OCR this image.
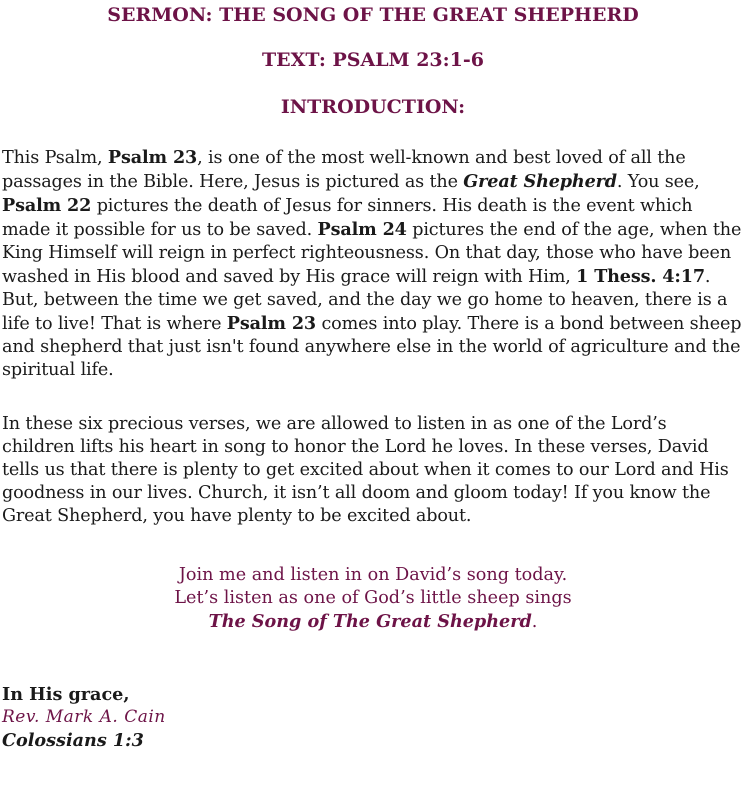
SERMON: THE SONG OF THE GREAT SHEPHERD
TEXT: PSALM 23:1-6
INTRODUCTION:

This Psalm, Psalm 23, is one of the most well-known and best loved of all the passages in the Bible. Here, Jesus is pictured as the Great Shepherd. You see, Psalm 22 pictures the death of Jesus for sinners. His death is the event which made it possible for us to be saved. Psalm 24 pictures the end of the age, when the King Himself will reign in perfect righteousness. On that day, those who have been washed in His blood and saved by His grace will reign with Him, 1 Thess. 4:17. But, between the time we get saved, and the day we go home to heaven, there is a life to live! That is where Psalm 23 comes into play. There is a bond between sheep and shepherd that just isn't found anywhere else in the world of agriculture and the spiritual life.

In these six precious verses, we are allowed to listen in as one of the Lord’s children lifts his heart in song to honor the Lord he loves. In these verses, David tells us that there is plenty to get excited about when it comes to our Lord and His goodness in our lives. Church, it isn’t all doom and gloom today! If you know the Great Shepherd, you have plenty to be excited about.

Join me and listen in on David’s song today.
Let’s listen as one of God’s little sheep sings
The Song of The Great Shepherd.
In His grace,
Rev. Mark A. Cain
Colossians 1:3
